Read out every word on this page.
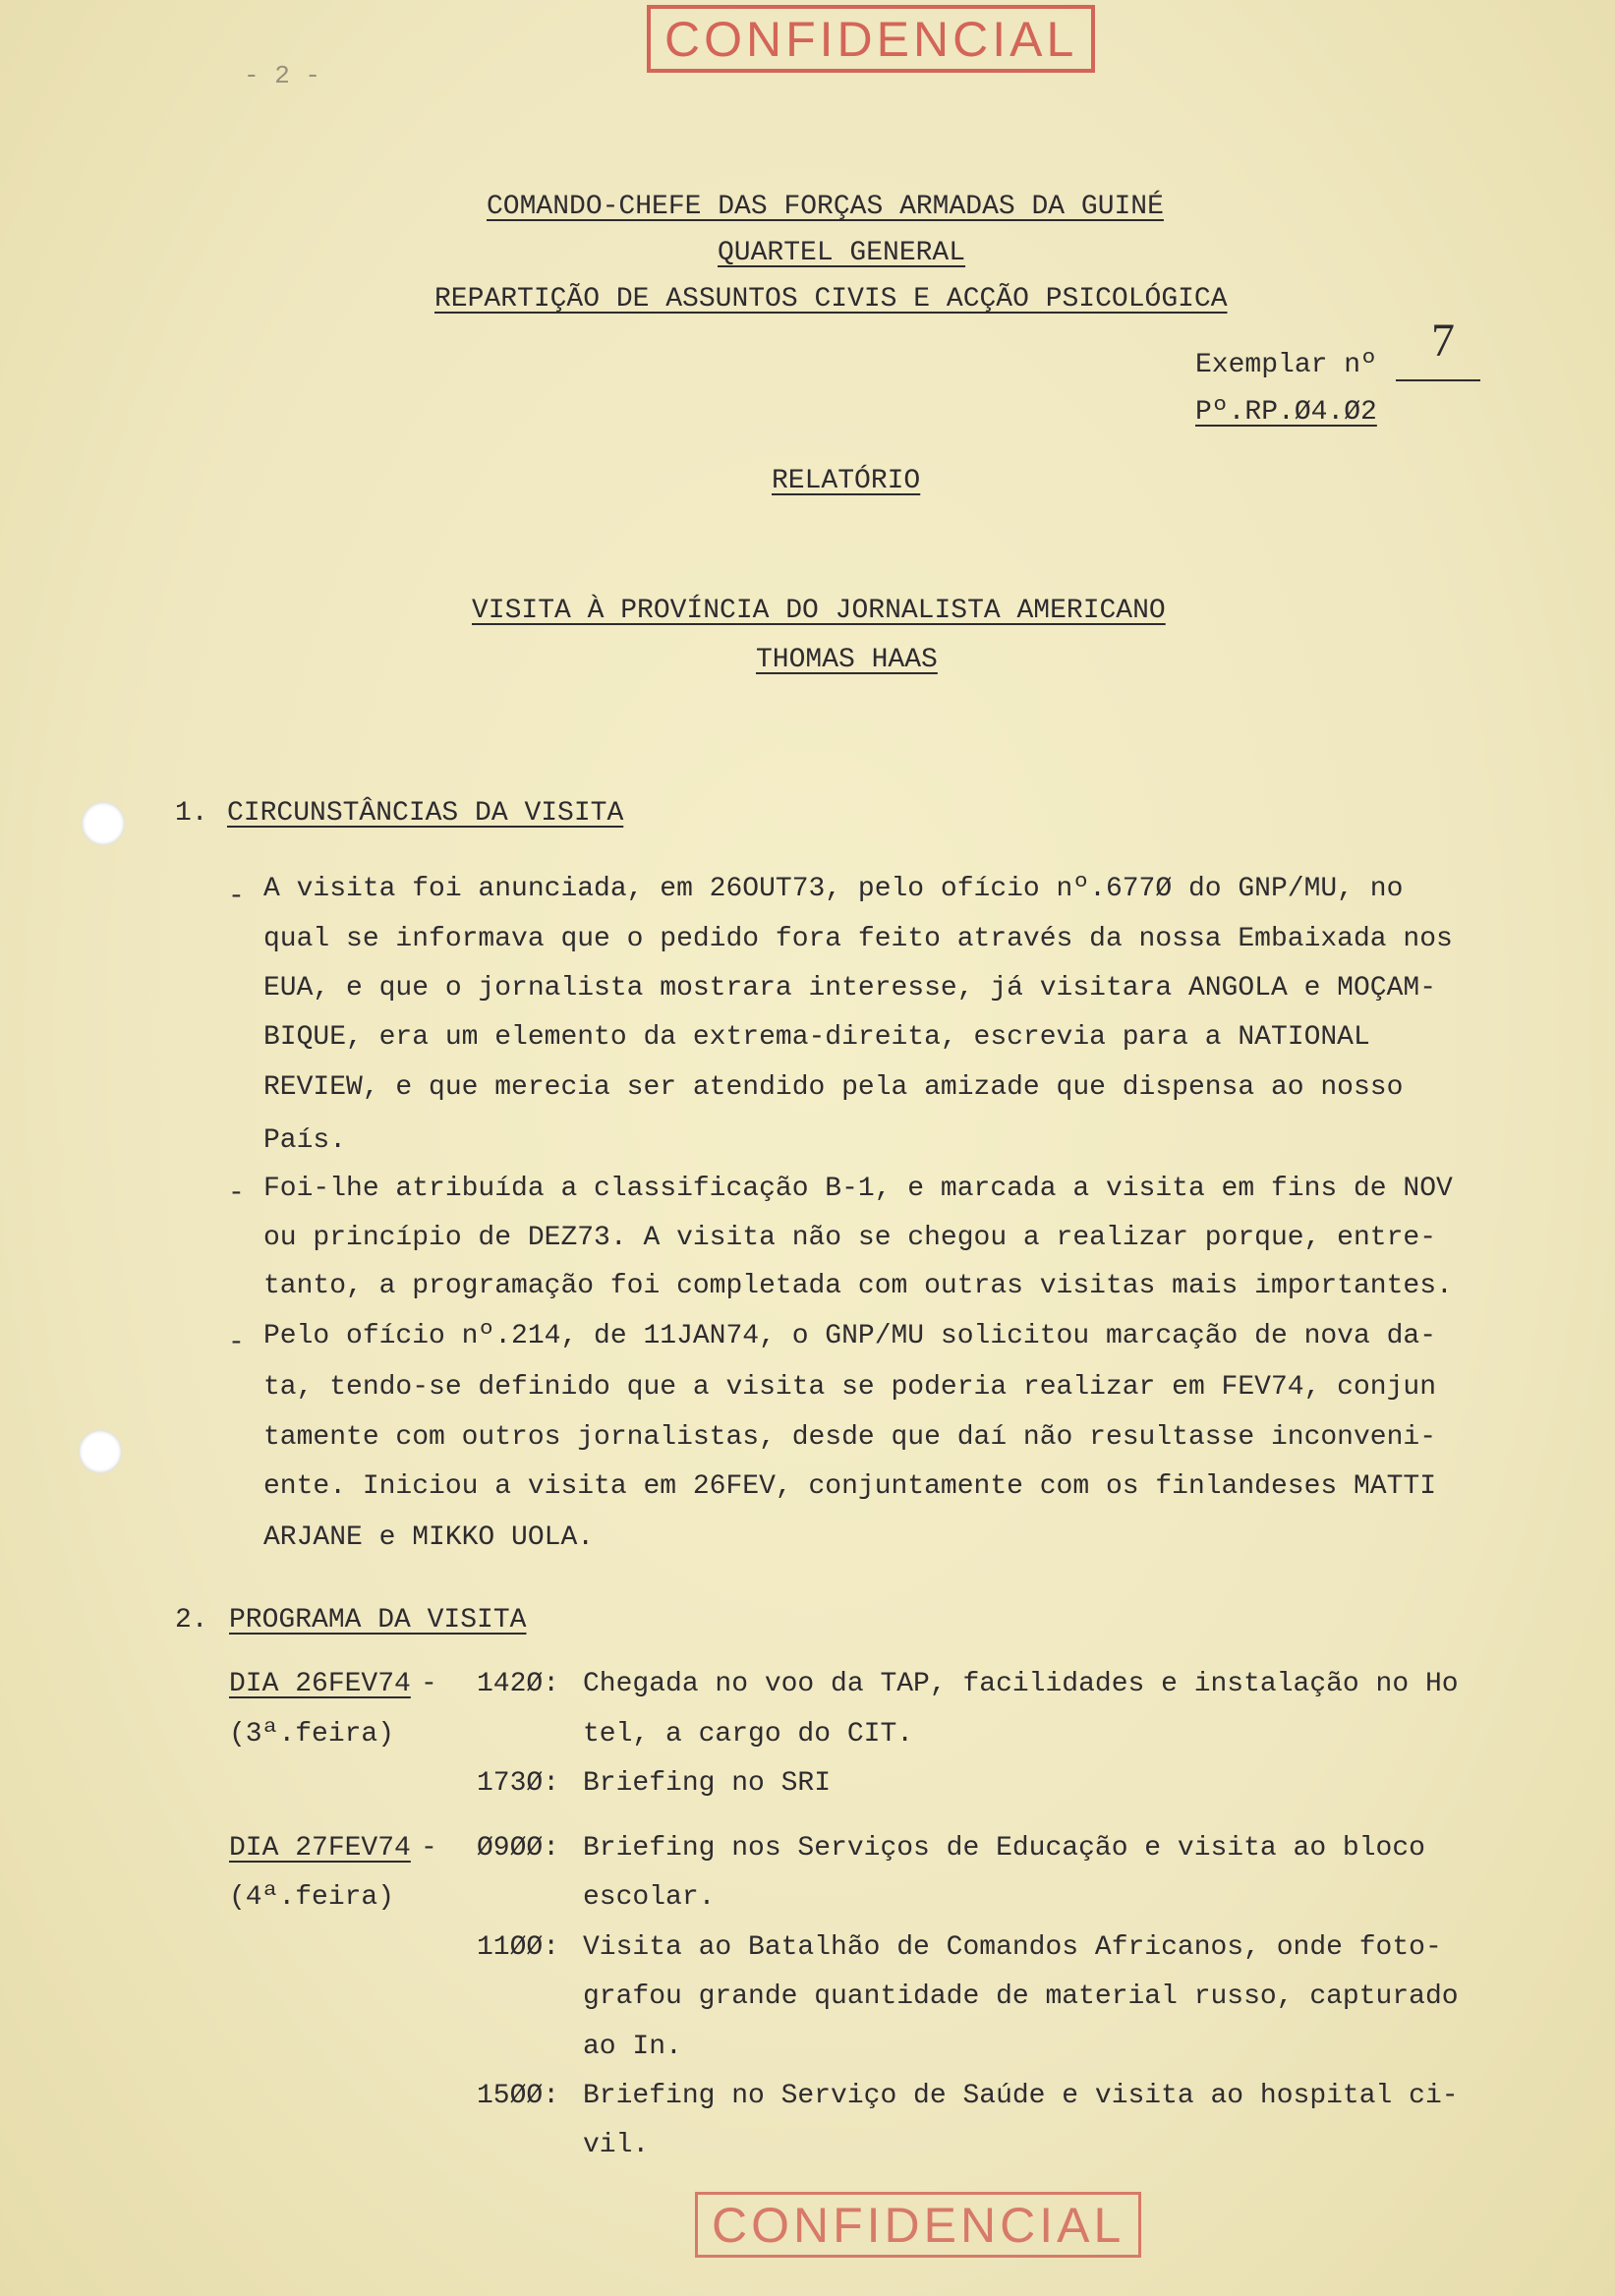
CONFIDENCIAL
- 2 -
COMANDO-CHEFE DAS FORÇAS ARMADAS DA GUINÉ
QUARTEL GENERAL
REPARTIÇÃO DE ASSUNTOS CIVIS E ACÇÃO PSICOLÓGICA
Exemplar nº 7
Pº.RP.Ø4.Ø2
RELATÓRIO
VISITA À PROVÍNCIA DO JORNALISTA AMERICANO
THOMAS HAAS
1. CIRCUNSTÂNCIAS DA VISITA
- A visita foi anunciada, em 26OUT73, pelo ofício nº.677Ø do GNP/MU, no
qual se informava que o pedido fora feito através da nossa Embaixada nos
EUA, e que o jornalista mostrara interesse, já visitara ANGOLA e MOÇAM-
BIQUE, era um elemento da extrema-direita, escrevia para a NATIONAL
REVIEW, e que merecia ser atendido pela amizade que dispensa ao nosso
País.
- Foi-lhe atribuída a classificação B-1, e marcada a visita em fins de NOV
ou princípio de DEZ73. A visita não se chegou a realizar porque, entre-
tanto, a programação foi completada com outras visitas mais importantes.
- Pelo ofício nº.214, de 11JAN74, o GNP/MU solicitou marcação de nova da-
ta, tendo-se definido que a visita se poderia realizar em FEV74, conjun
tamente com outros jornalistas, desde que daí não resultasse inconveni-
ente. Iniciou a visita em 26FEV, conjuntamente com os finlandeses MATTI
ARJANE e MIKKO UOLA.
2. PROGRAMA DA VISITA
DIA 26FEV74 -
(3ª.feira)
142Ø: Chegada no voo da TAP, facilidades e instalação no Ho
tel, a cargo do CIT.
173Ø: Briefing no SRI
DIA 27FEV74 -
(4ª.feira)
Ø9ØØ: Briefing nos Serviços de Educação e visita ao bloco
escolar.
11ØØ: Visita ao Batalhão de Comandos Africanos, onde foto-
grafou grande quantidade de material russo, capturado
ao In.
15ØØ: Briefing no Serviço de Saúde e visita ao hospital ci-
vil.
CONFIDENCIAL
